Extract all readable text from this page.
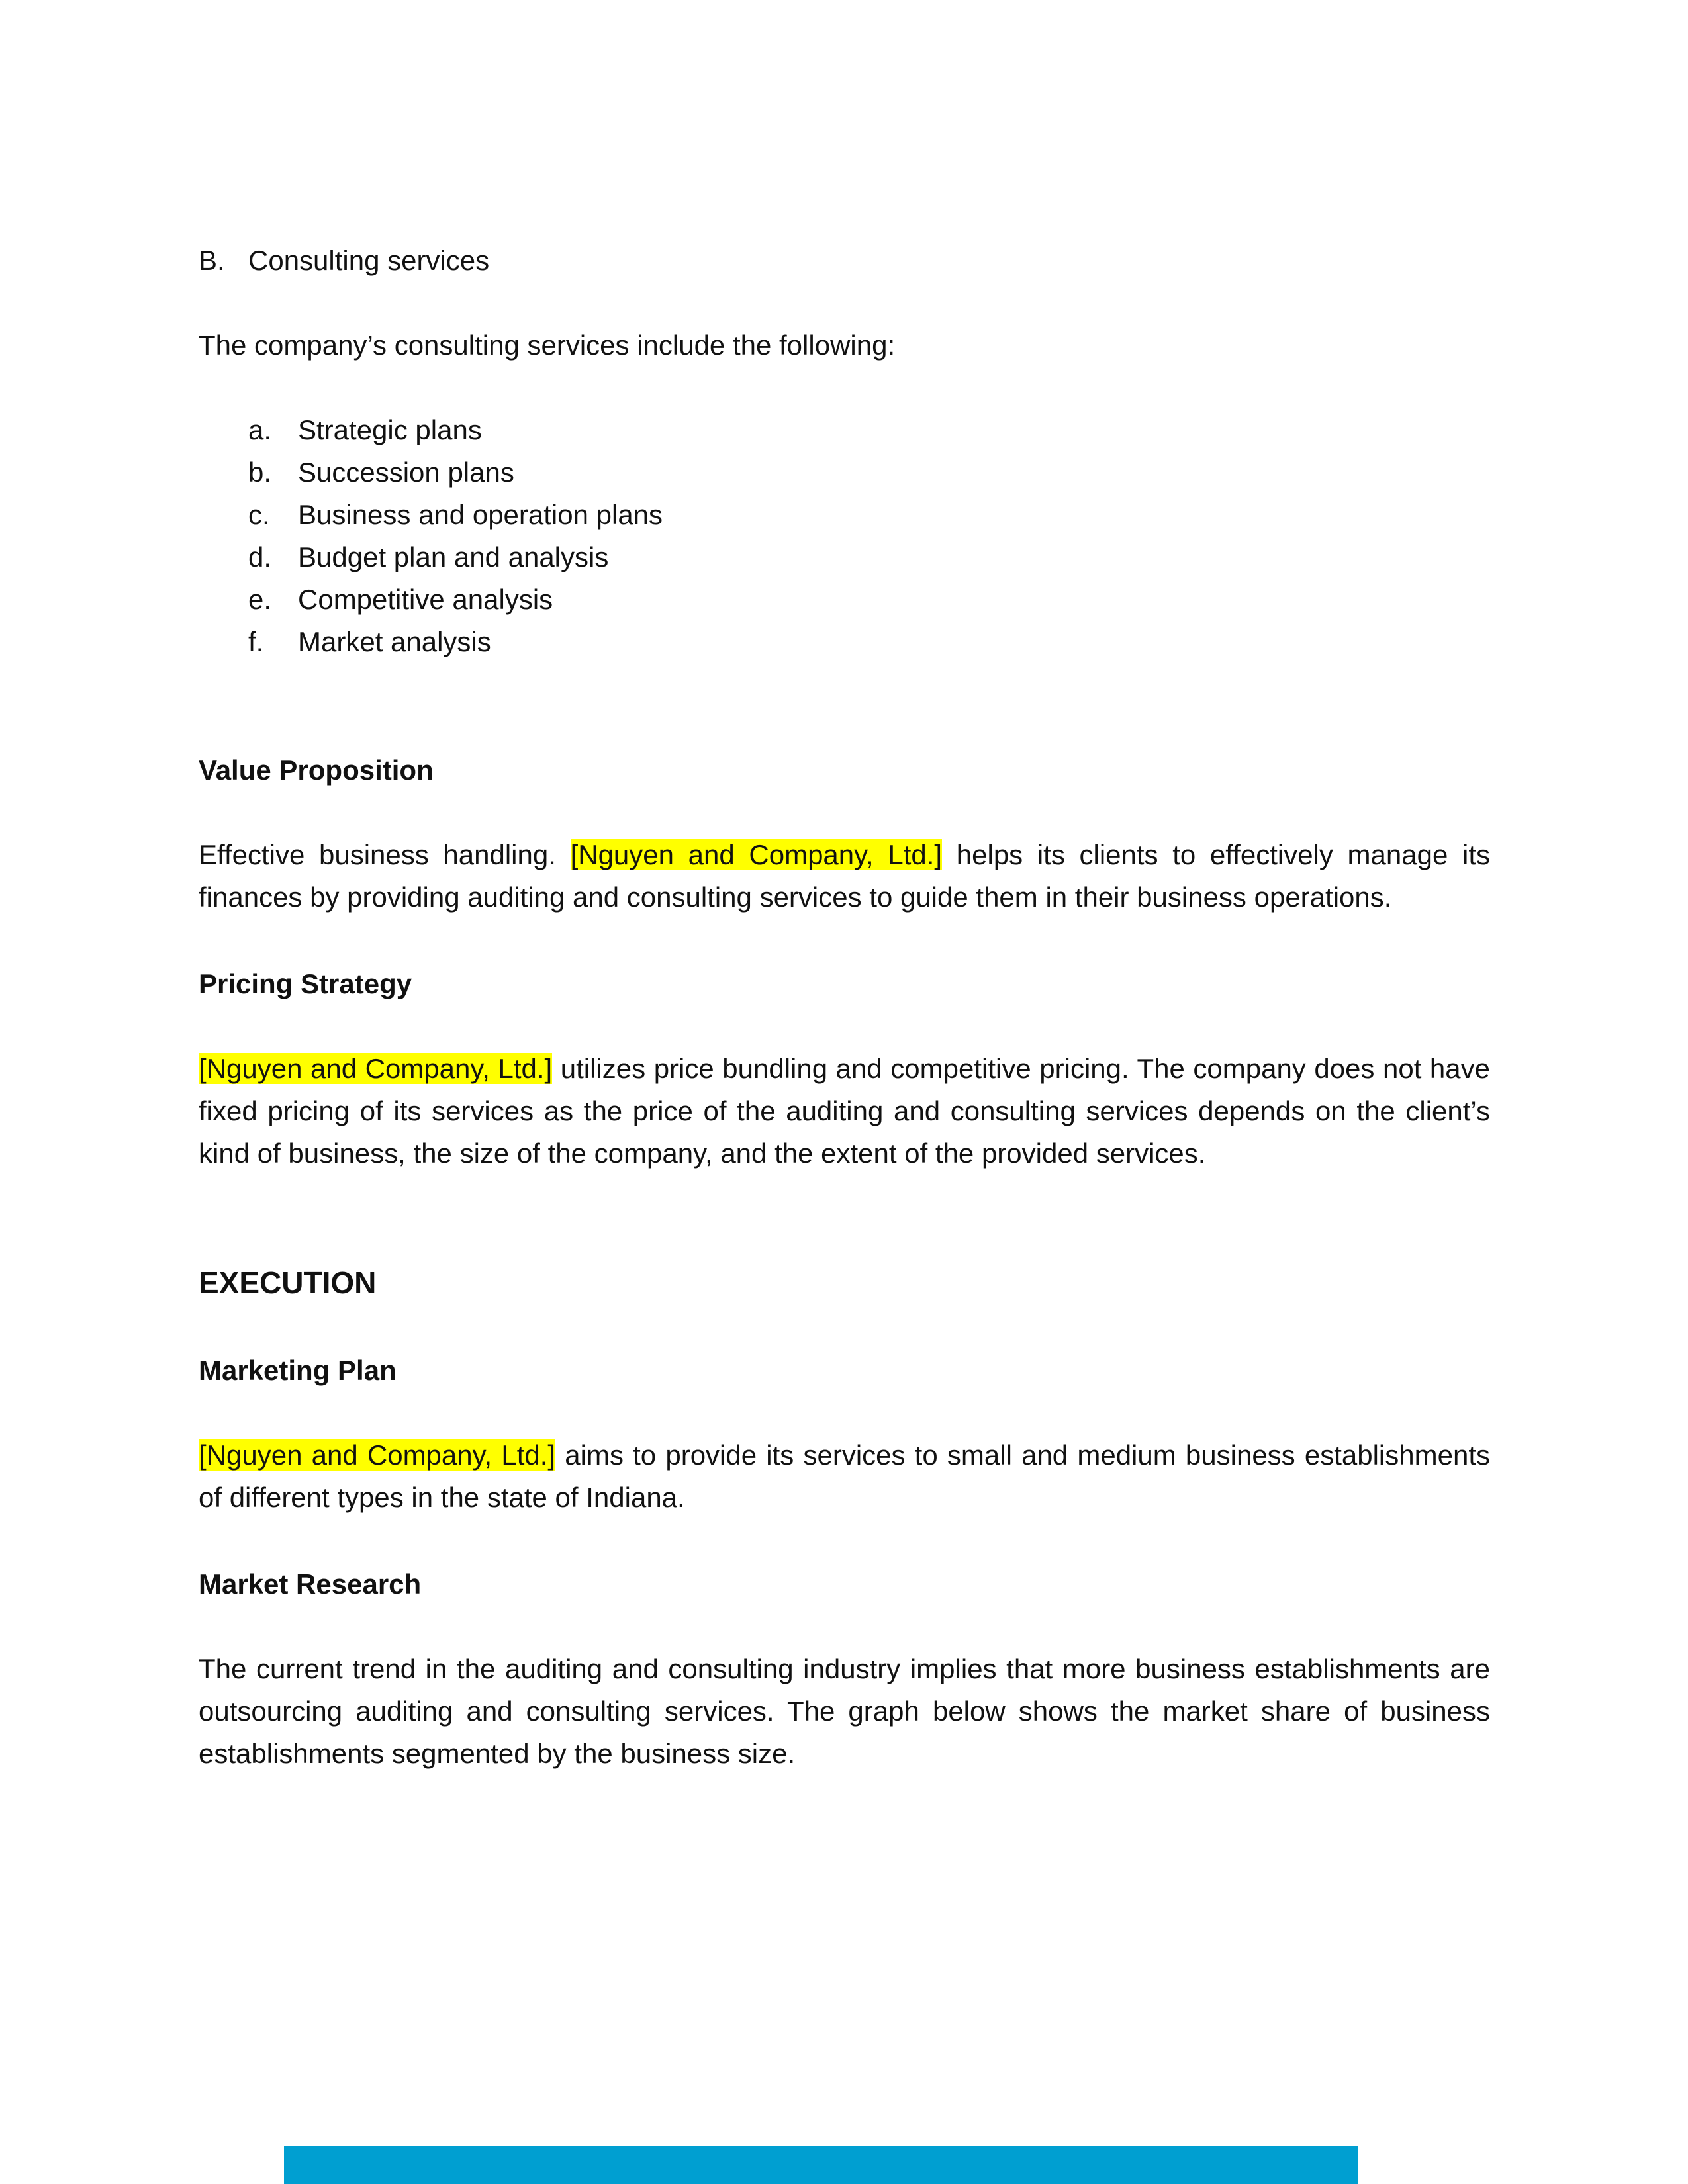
B. Consulting services

The company’s consulting services include the following:

a. Strategic plans
b. Succession plans
c. Business and operation plans
d. Budget plan and analysis
e. Competitive analysis
f. Market analysis

Value Proposition

Effective business handling. [Nguyen and Company, Ltd.] helps its clients to effectively manage its finances by providing auditing and consulting services to guide them in their business operations.

Pricing Strategy

[Nguyen and Company, Ltd.] utilizes price bundling and competitive pricing. The company does not have fixed pricing of its services as the price of the auditing and consulting services depends on the client’s kind of business, the size of the company, and the extent of the provided services.

EXECUTION

Marketing Plan

[Nguyen and Company, Ltd.] aims to provide its services to small and medium business establishments of different types in the state of Indiana.

Market Research

The current trend in the auditing and consulting industry implies that more business establishments are outsourcing auditing and consulting services. The graph below shows the market share of business establishments segmented by the business size.
